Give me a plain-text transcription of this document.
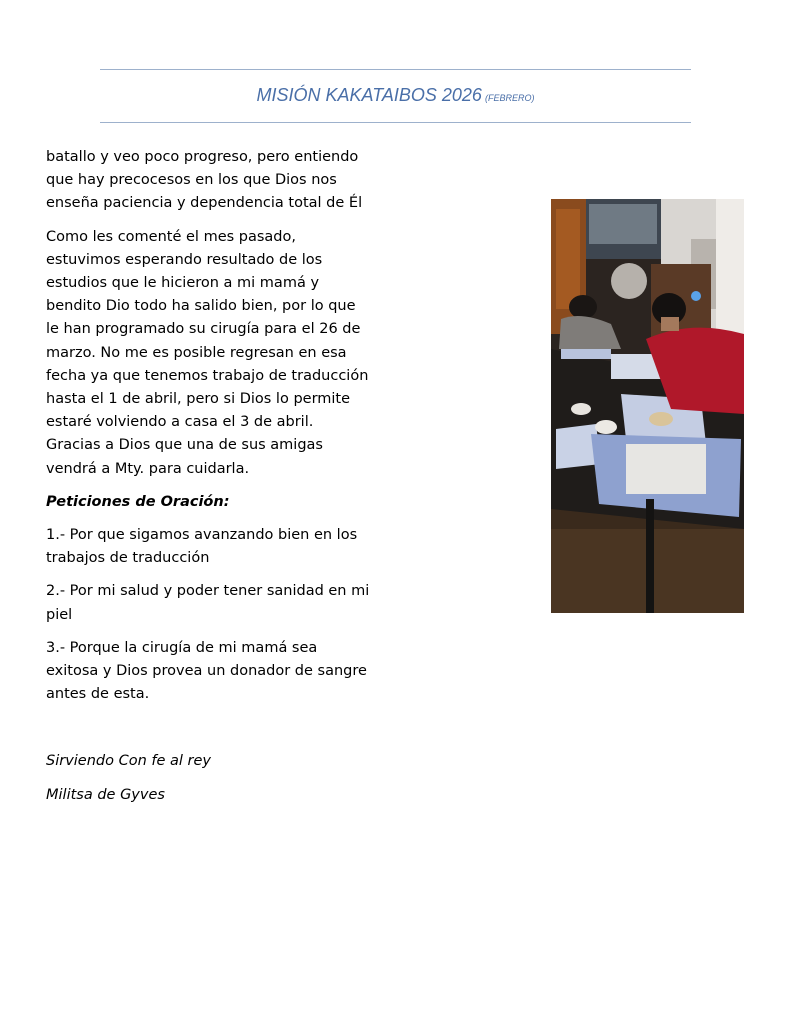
MISIÓN KAKATAIBOS 2026 (FEBRERO)

batallo y veo poco progreso, pero entiendo que hay precocesos en los que Dios nos enseña paciencia y dependencia total de Él

Como les comenté el mes pasado, estuvimos esperando resultado de los estudios que le hicieron a mi mamá y bendito Dio todo ha salido bien, por lo que le han programado su cirugía para el 26 de marzo. No me es posible regresan en esa fecha ya que tenemos trabajo de traducción hasta el 1 de abril, pero si Dios lo permite estaré volviendo a casa el 3 de abril. Gracias a Dios que una de sus amigas vendrá a Mty. para cuidarla.

Peticiones de Oración:

1.- Por que sigamos avanzando bien en los trabajos de traducción

2.- Por mi salud y poder tener sanidad en mi piel

3.- Porque la cirugía de mi mamá sea exitosa y Dios provea un donador de sangre antes de esta.

Sirviendo Con fe al rey

Militsa de Gyves
